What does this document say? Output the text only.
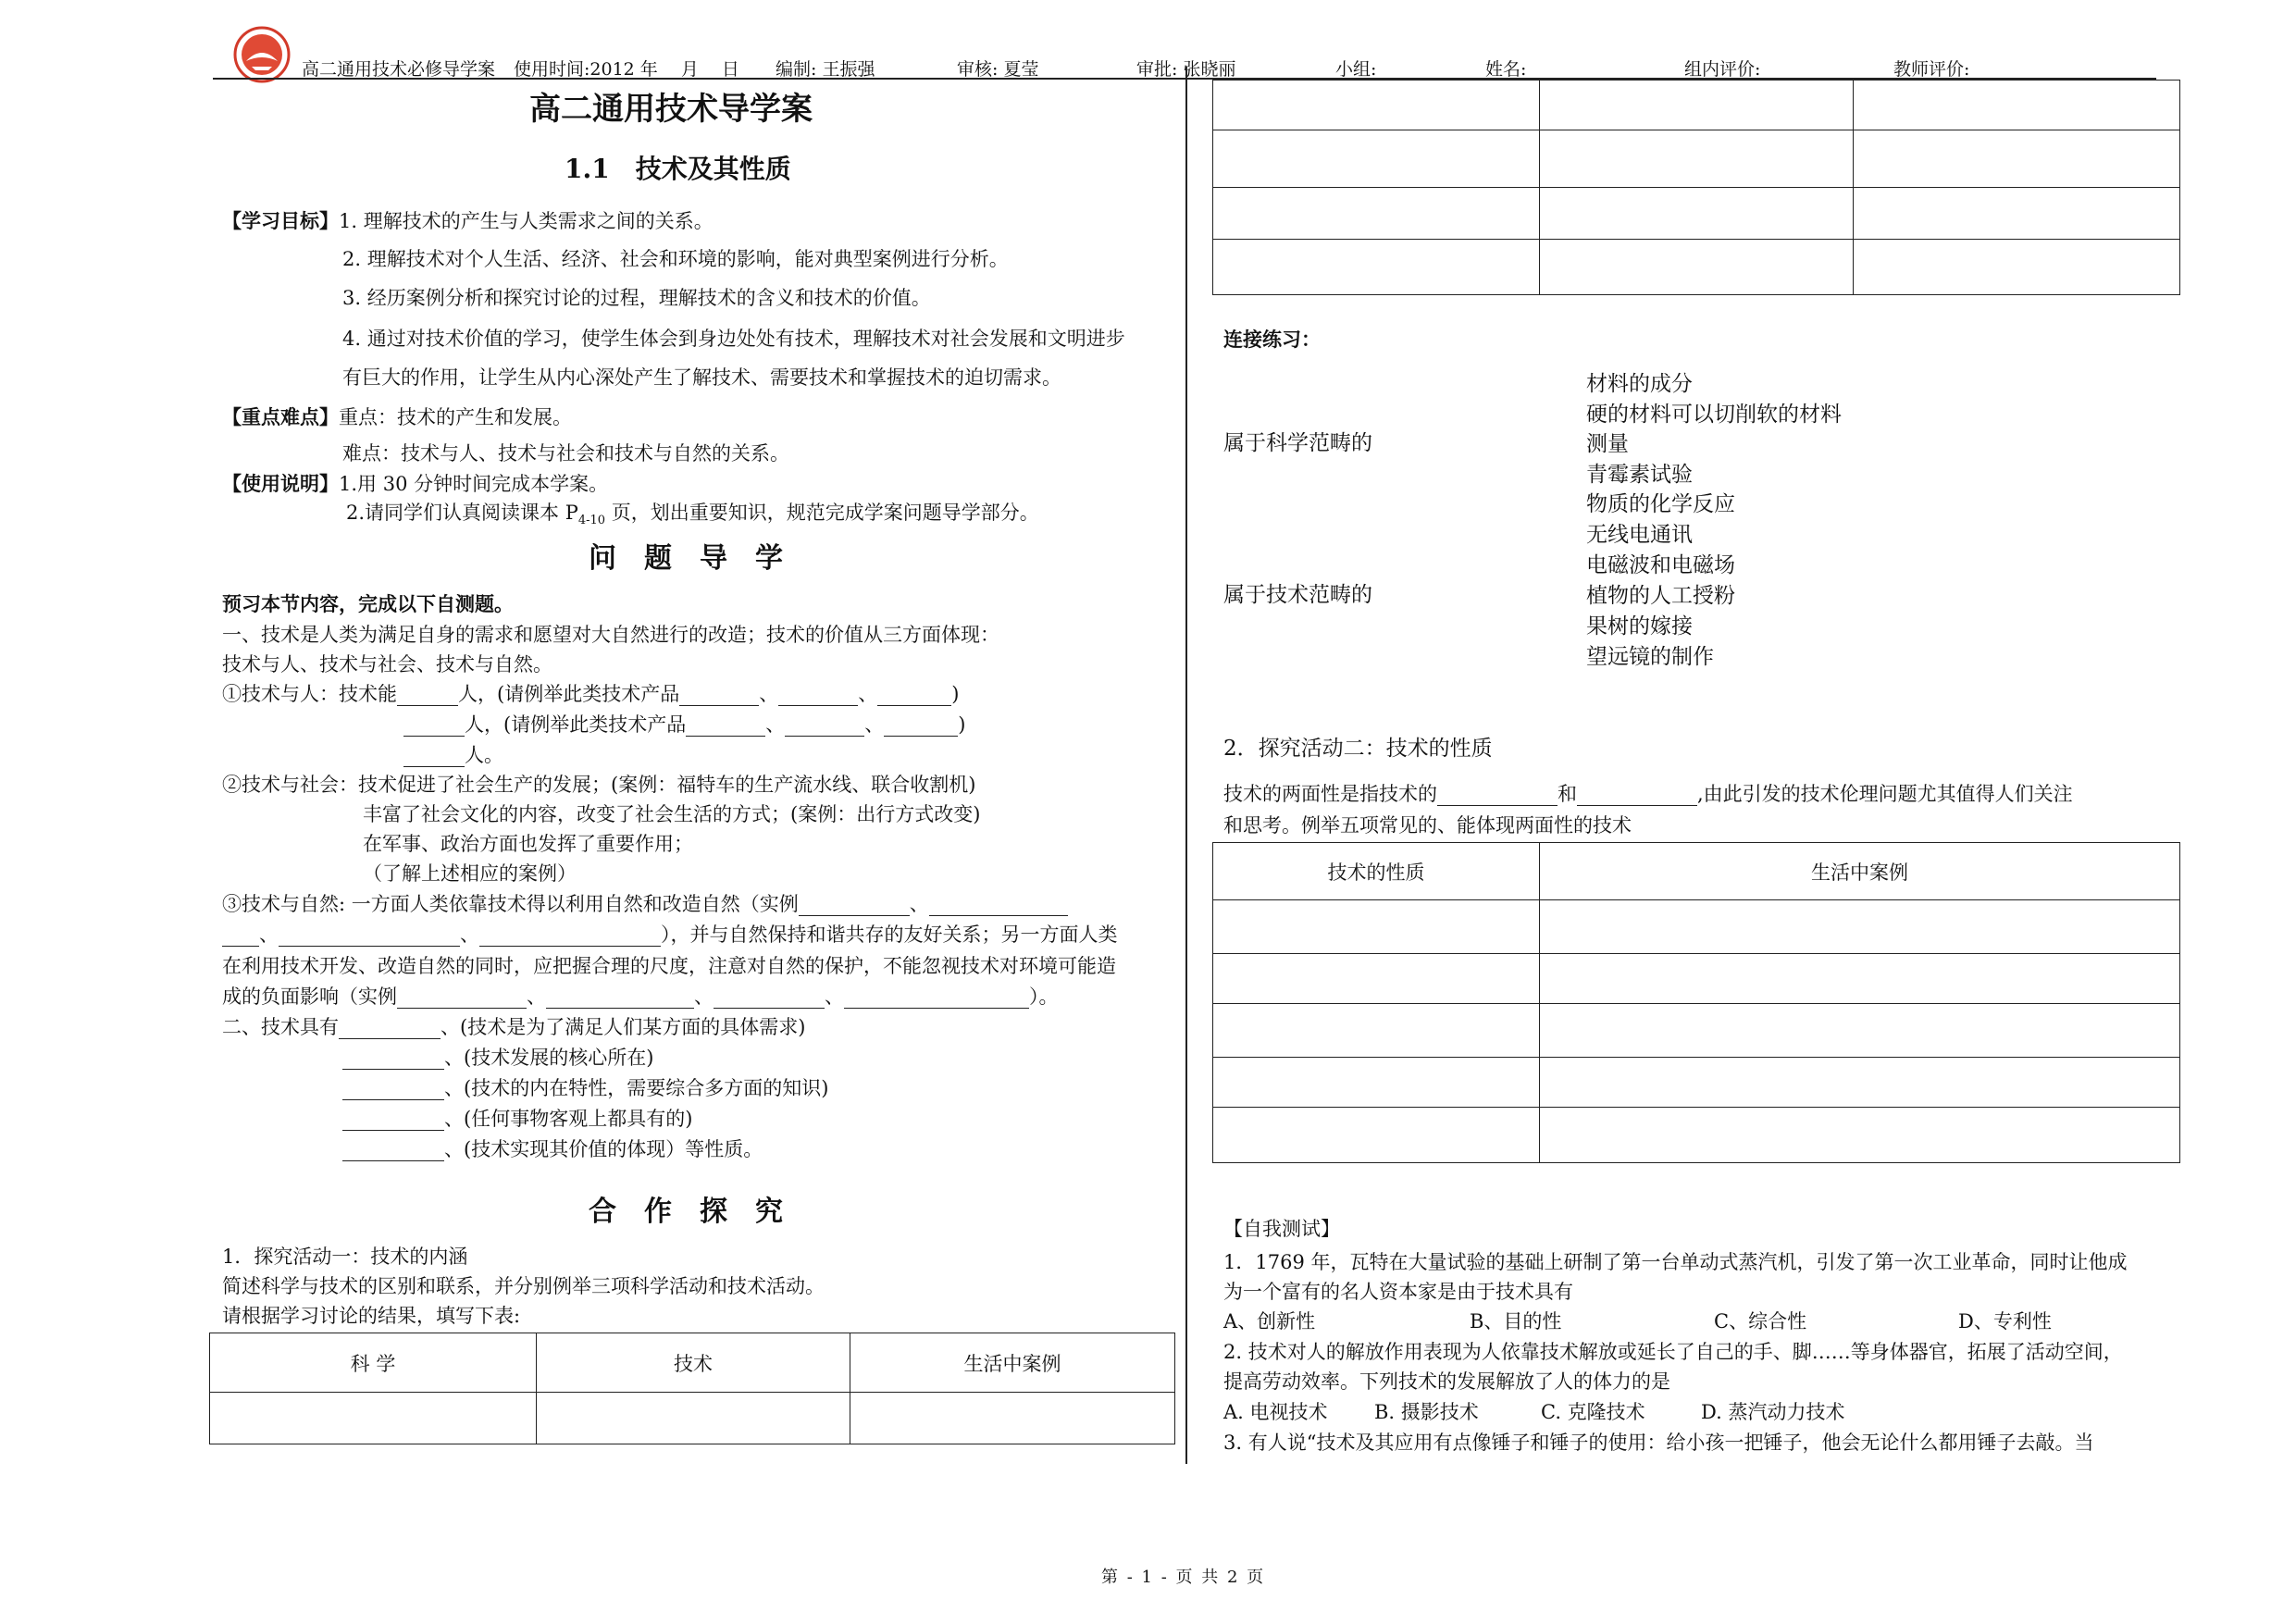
高二通用技术必修导学案 使用时间:2012 年　 月　 日 编制: 王振强	审核: 夏莹	审批: 张晓丽	小组:	姓名:	组内评价:	教师评价:
高二通用技术导学案
1.1　技术及其性质
【学习目标】1. 理解技术的产生与人类需求之间的关系。
2. 理解技术对个人生活、经济、社会和环境的影响，能对典型案例进行分析。
3. 经历案例分析和探究讨论的过程，理解技术的含义和技术的价值。
4. 通过对技术价值的学习，使学生体会到身边处处有技术，理解技术对社会发展和文明进步
有巨大的作用，让学生从内心深处产生了解技术、需要技术和掌握技术的迫切需求。
【重点难点】重点：技术的产生和发展。
难点：技术与人、技术与社会和技术与自然的关系。
【使用说明】1.用 30 分钟时间完成本学案。
2.请同学们认真阅读课本 $P_{4-10}$ 页，划出重要知识，规范完成学案问题导学部分。
问题导学
预习本节内容，完成以下自测题。
一、技术是人类为满足自身的需求和愿望对大自然进行的改造；技术的价值从三方面体现：
技术与人、技术与社会、技术与自然。
①技术与人：技术能	人，(请例举此类技术产品	、	、	)
人，(请例举此类技术产品	、	、	)
人。
②技术与社会：技术促进了社会生产的发展；(案例：福特车的生产流水线、联合收割机)
丰富了社会文化的内容，改变了社会生活的方式；(案例：出行方式改变)
在军事、政治方面也发挥了重要作用；
（了解上述相应的案例）
③技术与自然: 一方面人类依靠技术得以利用自然和改造自然（实例	、
、	、	），并与自然保持和谐共存的友好关系；另一方面人类
在利用技术开发、改造自然的同时，应把握合理的尺度，注意对自然的保护，不能忽视技术对环境可能造
成的负面影响（实例	、	、	、	）。
二、技术具有	、(技术是为了满足人们某方面的具体需求)
、(技术发展的核心所在)
、(技术的内在特性，需要综合多方面的知识)
、(任何事物客观上都具有的)
、(技术实现其价值的体现）等性质。
合作探究
1．探究活动一：技术的内涵
简述科学与技术的区别和联系，并分别例举三项科学活动和技术活动。
请根据学习讨论的结果，填写下表:
科 学	技术	生活中案例

连接练习：
属于科学范畴的
属于技术范畴的
材料的成分
硬的材料可以切削软的材料
测量
青霉素试验
物质的化学反应
无线电通讯
电磁波和电磁场
植物的人工授粉
果树的嫁接
望远镜的制作
2．探究活动二：技术的性质
技术的两面性是指技术的	和	,由此引发的技术伦理问题尤其值得人们关注
和思考。例举五项常见的、能体现两面性的技术
技术的性质	生活中案例

【自我测试】
1．1769 年，瓦特在大量试验的基础上研制了第一台单动式蒸汽机，引发了第一次工业革命，同时让他成
为一个富有的名人资本家是由于技术具有
A、创新性	B、目的性	C、综合性	D、专利性
2. 技术对人的解放作用表现为人依靠技术解放或延长了自己的手、脚……等身体器官，拓展了活动空间，
提高劳动效率。下列技术的发展解放了人的体力的是
A. 电视技术 B. 摄影技术	C. 克隆技术	D. 蒸汽动力技术
3. 有人说“技术及其应用有点像锤子和锤子的使用：给小孩一把锤子，他会无论什么都用锤子去敲。当
第 - 1 - 页 共 2 页
